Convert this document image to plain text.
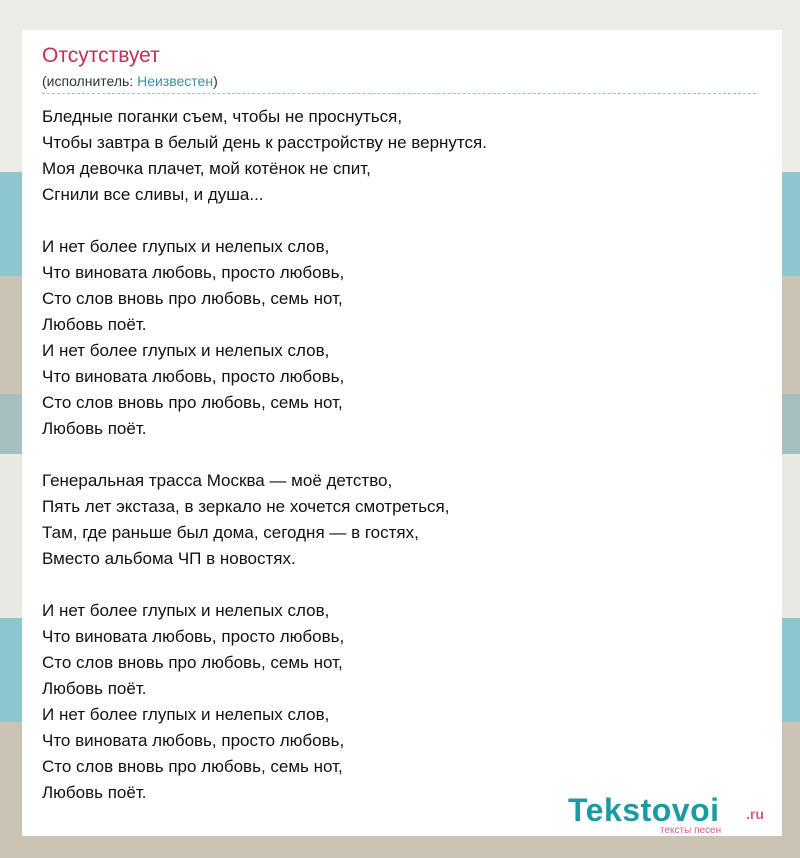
Отсутствует
(исполнитель: Неизвестен)
Бледные поганки съем, чтобы не проснуться,
Чтобы завтра в белый день к расстройству не вернутся.
Моя девочка плачет, мой котёнок не спит,
Сгнили все сливы, и душа...
И нет более глупых и нелепых слов,
Что виновата любовь, просто любовь,
Сто слов вновь про любовь, семь нот,
Любовь поёт.
И нет более глупых и нелепых слов,
Что виновата любовь, просто любовь,
Сто слов вновь про любовь, семь нот,
Любовь поёт.
Генеральная трасса Москва — моё детство,
Пять лет экстаза, в зеркало не хочется смотреться,
Там, где раньше был дома, сегодня — в гостях,
Вместо альбома ЧП в новостях.
И нет более глупых и нелепых слов,
Что виновата любовь, просто любовь,
Сто слов вновь про любовь, семь нот,
Любовь поёт.
И нет более глупых и нелепых слов,
Что виновата любовь, просто любовь,
Сто слов вновь про любовь, семь нот,
Любовь поёт.	Tekstovoi .ru
тексты песен
